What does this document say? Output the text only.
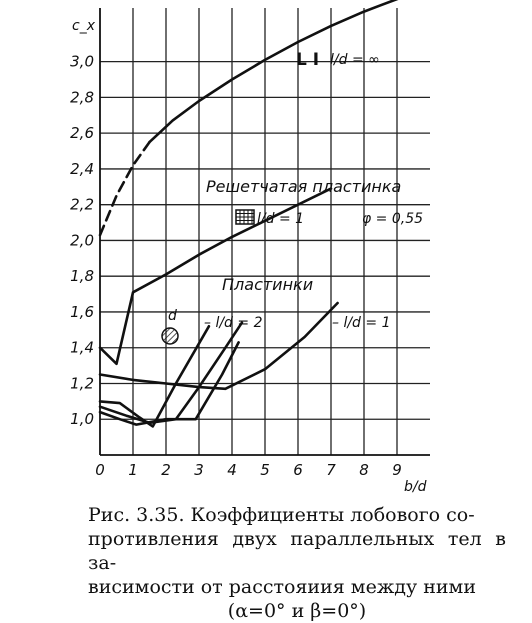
0 1 2 3 4 5 6 7 8 9
1,0
1,2
1,4
1,6
1,8
2,0
2,2
2,4
2,6
2,8
3,0
c_x
b/d
L I l/d = ∞
Решетчатая пластинка
l/d = 1	φ = 0,55
Пластинки
d – l/d = 2	– l/d = 1
Рис. 3.35. Коэффициенты лобового со-
противления двух параллельных тел в за-
висимости от расстояиия между ними
(α=0° и β=0°)
